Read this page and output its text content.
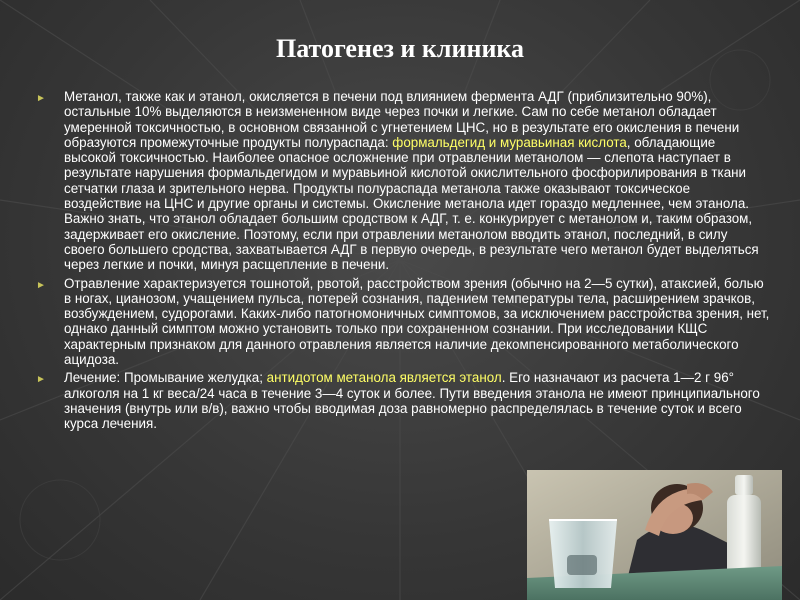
Патогенез и клиника
► Метанол, также как и этанол, окисляется в печени под влиянием фермента АДГ (приблизительно 90%), остальные 10% выделяются в неизмененном виде через почки и легкие. Сам по себе метанол обладает умеренной токсичностью, в основном связанной с угнетением ЦНС, но в результате его окисления в печени образуются промежуточные продукты полураспада: формальдегид и муравьиная кислота, обладающие высокой токсичностью. Наиболее опасное осложнение при отравлении метанолом — слепота наступает в результате нарушения формальдегидом и муравьиной кислотой окислительного фосфорилирования в ткани сетчатки глаза и зрительного нерва. Продукты полураспада метанола также оказывают токсическое воздействие на ЦНС и другие органы и системы. Окисление метанола идет гораздо медленнее, чем этанола. Важно знать, что этанол обладает большим сродством к АДГ, т. е. конкурирует с метанолом и, таким образом, задерживает его окисление. Поэтому, если при отравлении метанолом вводить этанол, последний, в силу своего большего сродства, захватывается АДГ в первую очередь, в результате чего метанол будет выделяться через легкие и почки, минуя расщепление в печени.
► Отравление характеризуется тошнотой, рвотой, расстройством зрения (обычно на 2—5 сутки), атаксией, болью в ногах, цианозом, учащением пульса, потерей сознания, падением температуры тела, расширением зрачков, возбуждением, судорогами. Каких-либо патогномоничных симптомов, за исключением расстройства зрения, нет, однако данный симптом можно установить только при сохраненном сознании. При исследовании КЩС характерным признаком для данного отравления является наличие декомпенсированного метаболического ацидоза.
► Лечение: Промывание желудка; антидотом метанола является этанол. Его назначают из расчета 1—2 г 96° алкоголя на 1 кг веса/24 часа в течение 3—4 суток и более. Пути введения этанола не имеют принципиального значения (внутрь или в/в), важно чтобы вводимая доза равномерно распределялась в течение суток и всего курса лечения.
